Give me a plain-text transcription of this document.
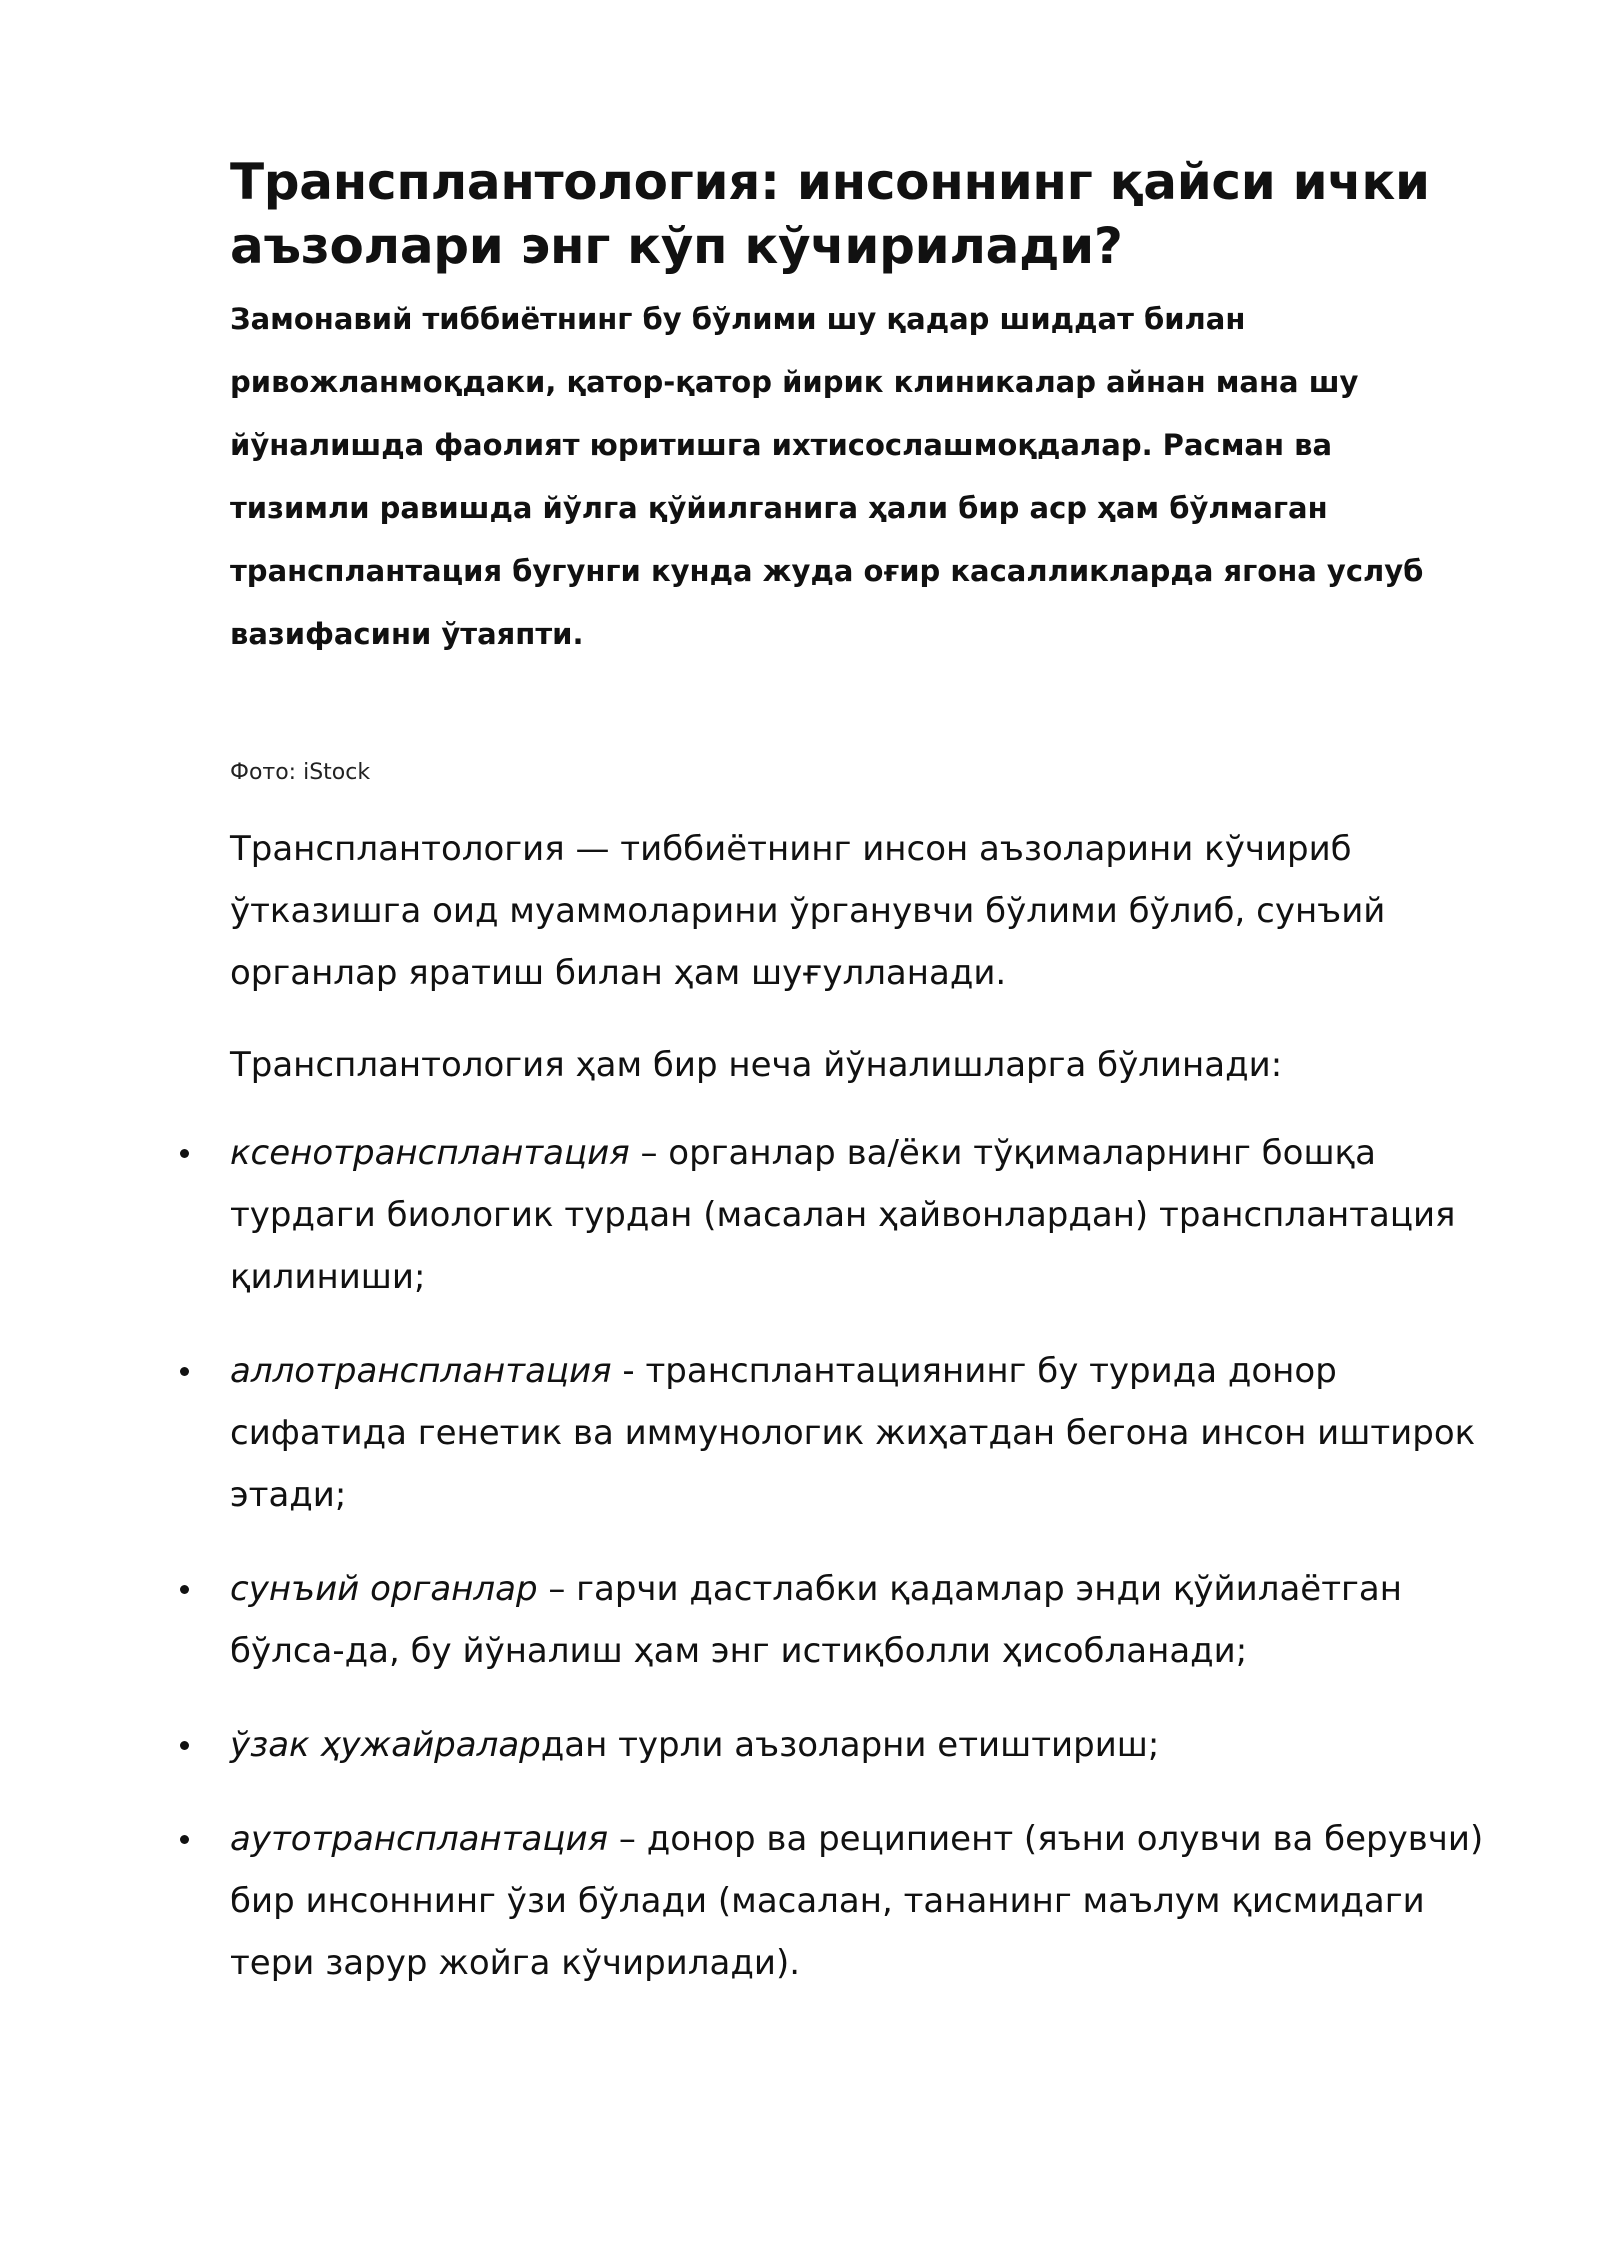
Трансплантология: инсоннинг қайси ички аъзолари энг кўп кўчирилади?

Замонавий тиббиётнинг бу бўлими шу қадар шиддат билан ривожланмоқдаки, қатор-қатор йирик клиникалар айнан мана шу йўналишда фаолият юритишга ихтисослашмоқдалар. Расман ва тизимли равишда йўлга қўйилганига ҳали бир аср ҳам бўлмаган трансплантация бугунги кунда жуда оғир касалликларда ягона услуб вазифасини ўтаяпти.

Фото: iStock

Трансплантология — тиббиётнинг инсон аъзоларини кўчириб ўтказишга оид муаммоларини ўрганувчи бўлими бўлиб, сунъий органлар яратиш билан ҳам шуғулланади.

Трансплантология ҳам бир неча йўналишларга бўлинади:

ксенотрансплантация – органлар ва/ёки тўқималарнинг бошқа турдаги биологик турдан (масалан ҳайвонлардан) трансплантация қилиниши;
аллотрансплантация - трансплантациянинг бу турида донор сифатида генетик ва иммунологик жиҳатдан бегона инсон иштирок этади;
сунъий органлар – гарчи дастлабки қадамлар энди қўйилаётган бўлса-да, бу йўналиш ҳам энг истиқболли ҳисобланади;
ўзак ҳужайралардан турли аъзоларни етиштириш;
аутотрансплантация – донор ва реципиент (яъни олувчи ва берувчи) бир инсоннинг ўзи бўлади (масалан, тананинг маълум қисмидаги тери зарур жойга кўчирилади).
